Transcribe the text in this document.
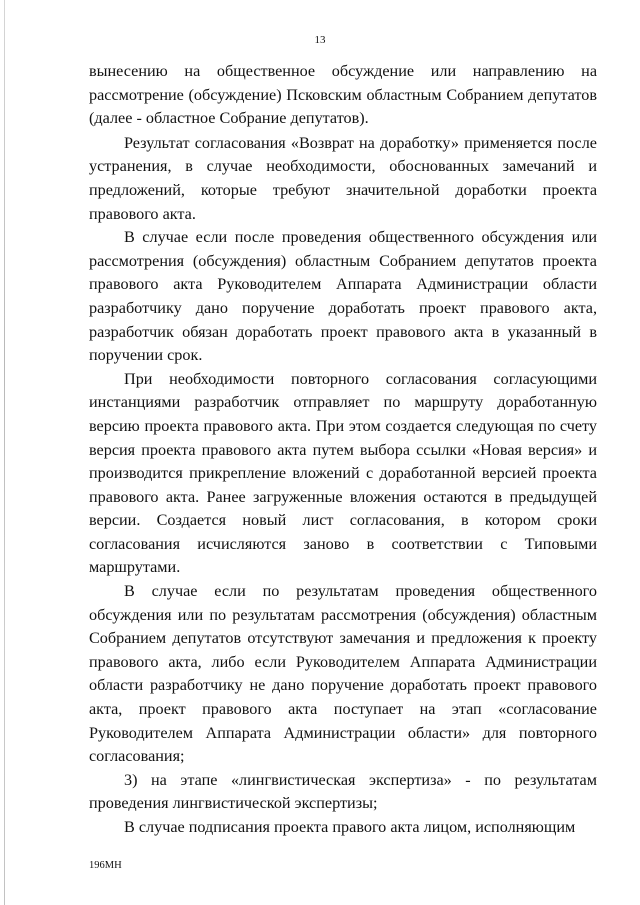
13

вынесению на общественное обсуждение или направлению на рассмотрение (обсуждение) Псковским областным Собранием депутатов (далее - областное Собрание депутатов).

Результат согласования «Возврат на доработку» применяется после устранения, в случае необходимости, обоснованных замечаний и предложений, которые требуют значительной доработки проекта правового акта.

В случае если после проведения общественного обсуждения или рассмотрения (обсуждения) областным Собранием депутатов проекта правового акта Руководителем Аппарата Администрации области разработчику дано поручение доработать проект правового акта, разработчик обязан доработать проект правового акта в указанный в поручении срок.

При необходимости повторного согласования согласующими инстанциями разработчик отправляет по маршруту доработанную версию проекта правового акта. При этом создается следующая по счету версия проекта правового акта путем выбора ссылки «Новая версия» и производится прикрепление вложений с доработанной версией проекта правового акта. Ранее загруженные вложения остаются в предыдущей версии. Создается новый лист согласования, в котором сроки согласования исчисляются заново в соответствии с Типовыми маршрутами.

В случае если по результатам проведения общественного обсуждения или по результатам рассмотрения (обсуждения) областным Собранием депутатов отсутствуют замечания и предложения к проекту правового акта, либо если Руководителем Аппарата Администрации области разработчику не дано поручение доработать проект правового акта, проект правового акта поступает на этап «согласование Руководителем Аппарата Администрации области» для повторного согласования;

3) на этапе «лингвистическая экспертиза» - по результатам проведения лингвистической экспертизы;

В случае подписания проекта правого акта лицом, исполняющим

196МН
